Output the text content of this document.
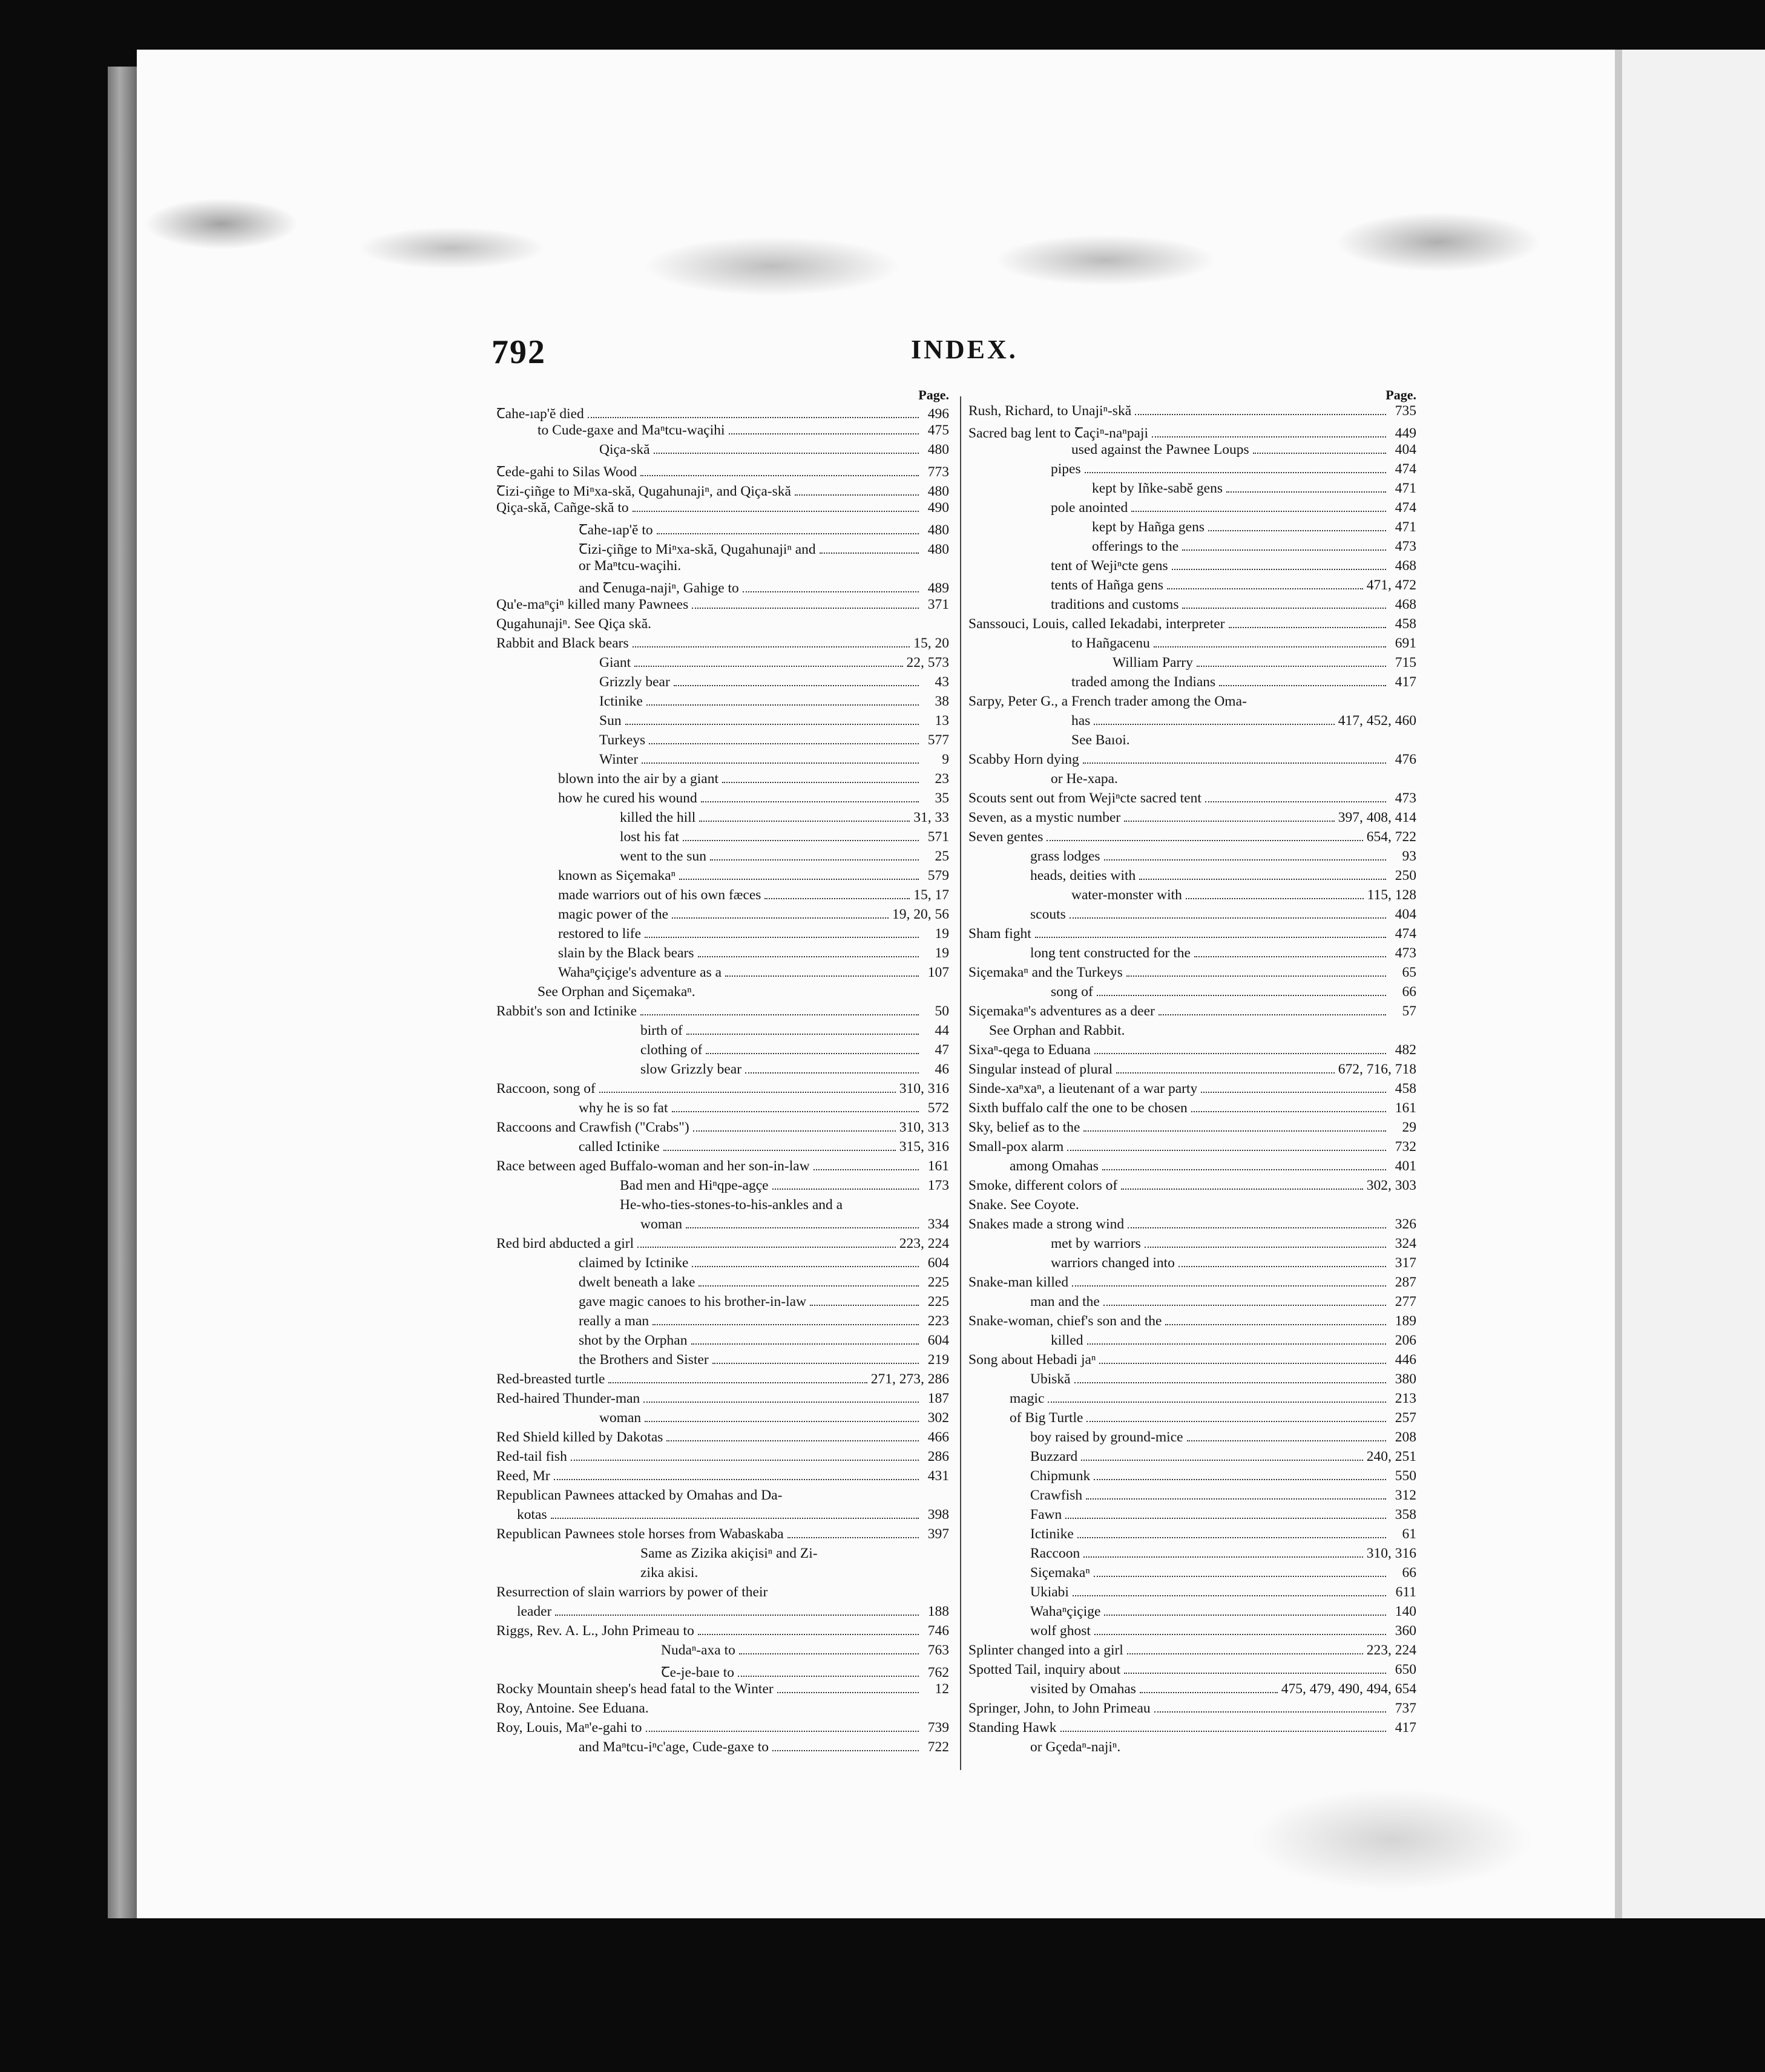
792	INDEX.
Page.
Ꞇahe-ıap'ĕ died	496
to Cude-gaxe and Maⁿtcu-waçihi	475
Qiça-skă	480
Ꞇede-gahi to Silas Wood	773
Ꞇizi-çiñge to Miⁿxa-skă, Qugahunajiⁿ, and Qiça-skă	480
Qiça-skă, Cañge-skă to	490
Ꞇahe-ıap'ĕ to	480
Ꞇizi-çiñge to Miⁿxa-skă, Qugahunajiⁿ and	480
or Maⁿtcu-waçihi.
and Ꞇenuga-najiⁿ, Gahige to	489
Qu'e-maⁿçiⁿ killed many Pawnees	371
Qugahunajiⁿ. See Qiça skă.
Rabbit and Black bears	15, 20
Giant	22, 573
Grizzly bear	43
Ictinike	38
Sun	13
Turkeys	577
Winter	9
blown into the air by a giant	23
how he cured his wound	35
killed the hill	31, 33
lost his fat	571
went to the sun	25
known as Siçemakaⁿ	579
made warriors out of his own fæces	15, 17
magic power of the	19, 20, 56
restored to life	19
slain by the Black bears	19
Wahaⁿçiçige's adventure as a	107
See Orphan and Siçemakaⁿ.
Rabbit's son and Ictinike	50
birth of	44
clothing of	47
slow Grizzly bear	46
Raccoon, song of	310, 316
why he is so fat	572
Raccoons and Crawfish ("Crabs")	310, 313
called Ictinike	315, 316
Race between aged Buffalo-woman and her son-in-law	161
Bad men and Hiⁿqpe-agçe	173
He-who-ties-stones-to-his-ankles and a
woman	334
Red bird abducted a girl	223, 224
claimed by Ictinike	604
dwelt beneath a lake	225
gave magic canoes to his brother-in-law	225
really a man	223
shot by the Orphan	604
the Brothers and Sister	219
Red-breasted turtle	271, 273, 286
Red-haired Thunder-man	187
woman	302
Red Shield killed by Dakotas	466
Red-tail fish	286
Reed, Mr	431
Republican Pawnees attacked by Omahas and Da-
kotas	398
Republican Pawnees stole horses from Wabaskaba	397
Same as Zizika akiçisiⁿ and Zi-
zika akisi.
Resurrection of slain warriors by power of their
leader	188
Riggs, Rev. A. L., John Primeau to	746
Nudaⁿ-axa to	763
Ꞇe-je-baıe to	762
Rocky Mountain sheep's head fatal to the Winter	12
Roy, Antoine. See Eduana.
Roy, Louis, Maⁿ'e-gahi to	739
and Maⁿtcu-iⁿc'age, Cude-gaxe to	722
Page.
Rush, Richard, to Unajiⁿ-skă	735
Sacred bag lent to Ꞇaçiⁿ-naⁿpaji	449
used against the Pawnee Loups	404
pipes	474
kept by Iñke-sabĕ gens	471
pole anointed	474
kept by Hañga gens	471
offerings to the	473
tent of Wejiⁿcte gens	468
tents of Hañga gens	471, 472
traditions and customs	468
Sanssouci, Louis, called Iekadabi, interpreter	458
to Hañgacenu	691
William Parry	715
traded among the Indians	417
Sarpy, Peter G., a French trader among the Oma-
has	417, 452, 460
See Baıoi.
Scabby Horn dying	476
or He-xapa.
Scouts sent out from Wejiⁿcte sacred tent	473
Seven, as a mystic number	397, 408, 414
Seven gentes	654, 722
grass lodges	93
heads, deities with	250
water-monster with	115, 128
scouts	404
Sham fight	474
long tent constructed for the	473
Siçemakaⁿ and the Turkeys	65
song of	66
Siçemakaⁿ's adventures as a deer	57
See Orphan and Rabbit.
Sixaⁿ-qega to Eduana	482
Singular instead of plural	672, 716, 718
Sinde-xaⁿxaⁿ, a lieutenant of a war party	458
Sixth buffalo calf the one to be chosen	161
Sky, belief as to the	29
Small-pox alarm	732
among Omahas	401
Smoke, different colors of	302, 303
Snake. See Coyote.
Snakes made a strong wind	326
met by warriors	324
warriors changed into	317
Snake-man killed	287
man and the	277
Snake-woman, chief's son and the	189
killed	206
Song about Hebadi jaⁿ	446
Ubiskă	380
magic	213
of Big Turtle	257
boy raised by ground-mice	208
Buzzard	240, 251
Chipmunk	550
Crawfish	312
Fawn	358
Ictinike	61
Raccoon	310, 316
Siçemakaⁿ	66
Ukiabi	611
Wahaⁿçiçige	140
wolf ghost	360
Splinter changed into a girl	223, 224
Spotted Tail, inquiry about	650
visited by Omahas	475, 479, 490, 494, 654
Springer, John, to John Primeau	737
Standing Hawk	417
or Gçedaⁿ-najiⁿ.
